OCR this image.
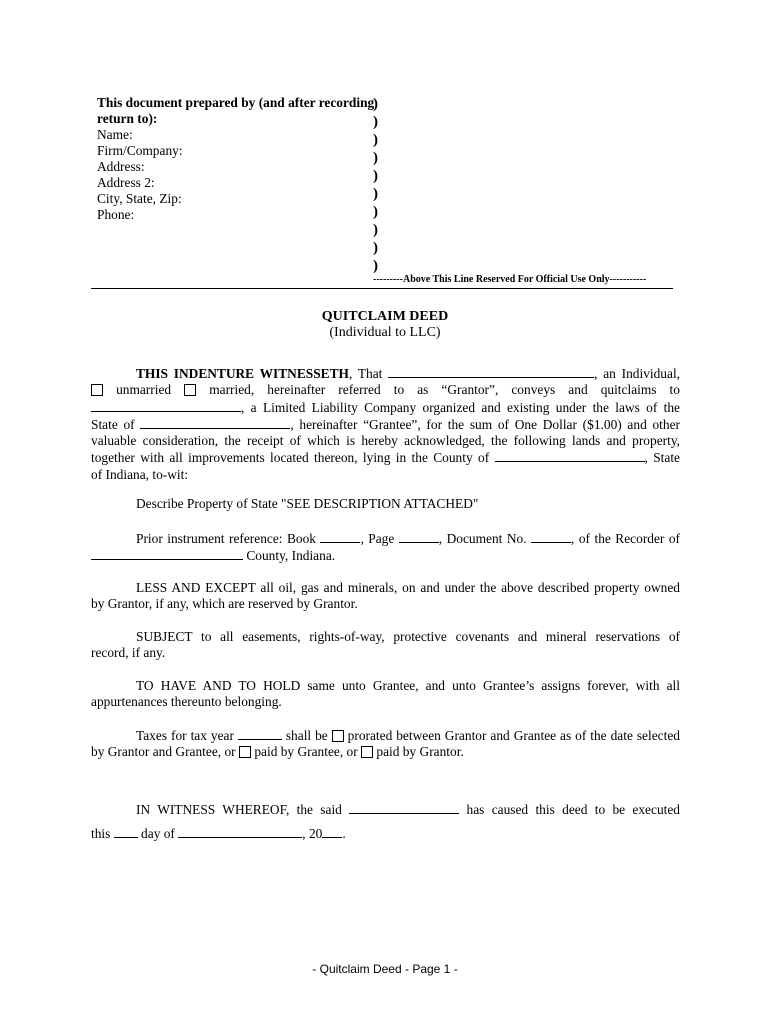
This document prepared by (and after recording
return to):
Name:
Firm/Company:
Address:
Address 2:
City, State, Zip:
Phone:
)
)
)
)
)
)
)
)
)
)
---------Above This Line Reserved For Official Use Only-----------
QUITCLAIM DEED
(Individual to LLC)
THIS INDENTURE WITNESSETH, That	, an Individual,
unmarried	married, hereinafter referred to as “Grantor”, conveys and quitclaims to
, a Limited Liability Company organized and existing under the laws of the
State of	, hereinafter “Grantee”, for the sum of One Dollar ($1.00) and other
valuable consideration, the receipt of which is hereby acknowledged, the following lands and property,
together with all improvements located thereon, lying in the County of	, State
of Indiana, to-wit:
Describe Property of State "SEE DESCRIPTION ATTACHED"
Prior instrument reference: Book	, Page	, Document No.	, of the Recorder of
County, Indiana.
LESS AND EXCEPT all oil, gas and minerals, on and under the above described property owned
by Grantor, if any, which are reserved by Grantor.
SUBJECT to all easements, rights-of-way, protective covenants and mineral reservations of
record, if any.
TO HAVE AND TO HOLD same unto Grantee, and unto Grantee’s assigns forever, with all
appurtenances thereunto belonging.
Taxes for tax year	shall be  prorated between Grantor and Grantee as of the date selected
by Grantor and Grantee, or  paid by Grantee, or  paid by Grantor.
IN WITNESS WHEREOF, the said	has caused this deed to be executed
this  day of	, 20 .
- Quitclaim Deed - Page 1 -
